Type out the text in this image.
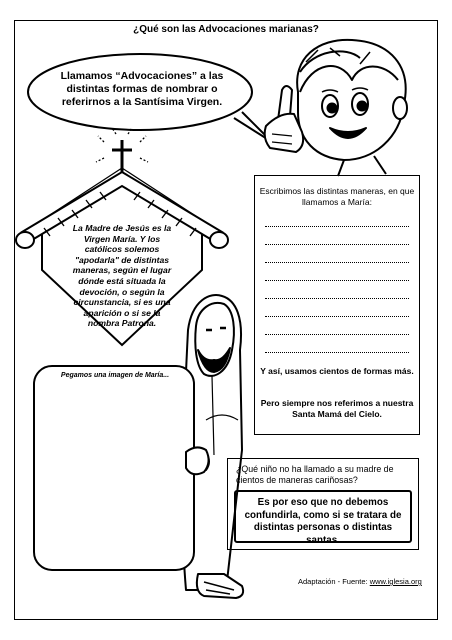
¿Qué son las Advocaciones marianas?
Llamamos “Advocaciones” a las distintas formas de nombrar o referirnos a la Santísima Virgen.
La Madre de Jesús es la Virgen María. Y los católicos solemos "apodarla" de distintas maneras, según el lugar dónde está situada la devoción, o según la circunstancia, si es una aparición o si se la nombra Patrona.
Escribimos las distintas maneras, en que llamamos a María:
Y así, usamos cientos de formas más.
Pero siempre nos referimos a nuestra Santa Mamá del Cielo.
Pegamos una imagen de María...
¿Qué niño no ha llamado a su madre de cientos de maneras cariñosas?
Es por eso que no debemos confundirla, como si se tratara de distintas personas o distintas santas.
Adaptación - Fuente: www.iglesia.org
